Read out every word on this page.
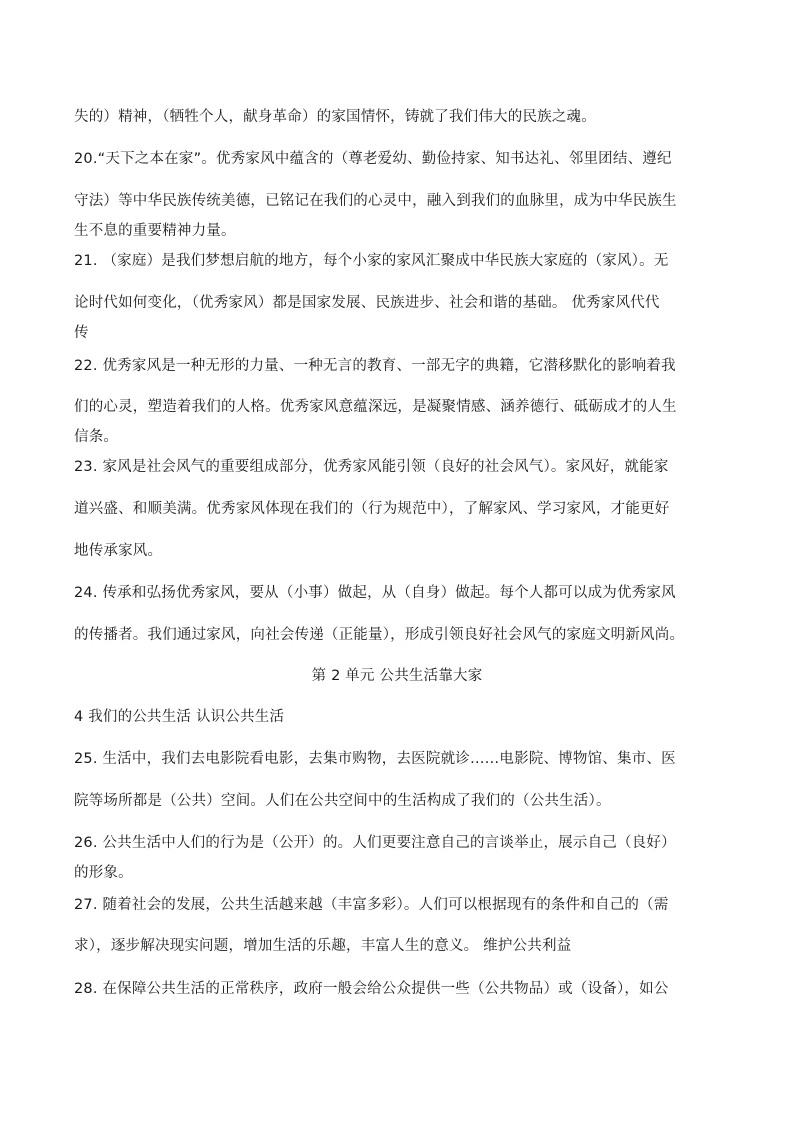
失的）精神，（牺牲个人，献身革命）的家国情怀，铸就了我们伟大的民族之魂。
20.“天下之本在家”。优秀家风中蕴含的（尊老爱幼、勤俭持家、知书达礼、邻里团结、遵纪
守法）等中华民族传统美德，已铭记在我们的心灵中，融入到我们的血脉里，成为中华民族生
生不息的重要精神力量。
21. （家庭）是我们梦想启航的地方，每个小家的家风汇聚成中华民族大家庭的（家风）。无
论时代如何变化，（优秀家风）都是国家发展、民族进步、社会和谐的基础。 优秀家风代代
传
22. 优秀家风是一种无形的力量、一种无言的教育、一部无字的典籍，它潜移默化的影响着我
们的心灵，塑造着我们的人格。优秀家风意蕴深远，是凝聚情感、涵养德行、砥砺成才的人生
信条。
23. 家风是社会风气的重要组成部分，优秀家风能引领（良好的社会风气）。家风好，就能家
道兴盛、和顺美满。优秀家风体现在我们的（行为规范中），了解家风、学习家风，才能更好
地传承家风。
24. 传承和弘扬优秀家风，要从（小事）做起，从（自身）做起。每个人都可以成为优秀家风
的传播者。我们通过家风，向社会传递（正能量），形成引领良好社会风气的家庭文明新风尚。
第 2 单元 公共生活靠大家
4 我们的公共生活 认识公共生活
25. 生活中，我们去电影院看电影，去集市购物，去医院就诊……电影院、博物馆、集市、医
院等场所都是（公共）空间。人们在公共空间中的生活构成了我们的（公共生活）。
26. 公共生活中人们的行为是（公开）的。人们更要注意自己的言谈举止，展示自己（良好）
的形象。
27. 随着社会的发展，公共生活越来越（丰富多彩）。人们可以根据现有的条件和自己的（需
求），逐步解决现实问题，增加生活的乐趣，丰富人生的意义。 维护公共利益
28. 在保障公共生活的正常秩序，政府一般会给公众提供一些（公共物品）或（设备），如公
